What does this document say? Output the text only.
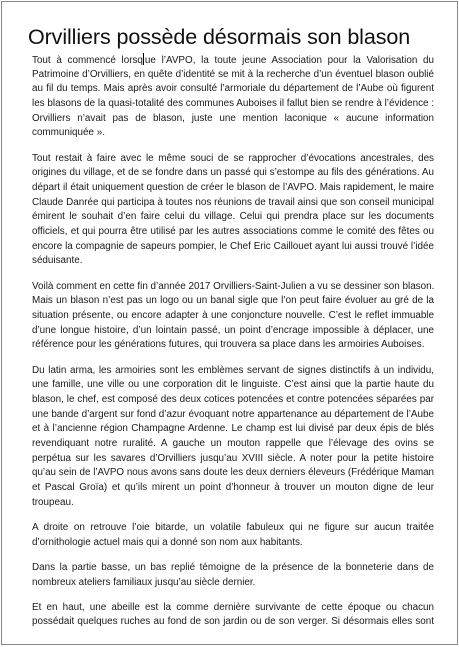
Orvilliers possède désormais son blason
Tout à commencé lorsq ue l’AVPO, la toute jeune Association pour la Valorisation du
Patrimoine d’Orvilliers, en quête d’identité se mit à la recherche d’un éventuel blason oublié
au fil du temps. Mais après avoir consulté l’armoriale du département de l’Aube où figurent
les blasons de la quasi-totalité des communes Auboises il fallut bien se rendre à l’évidence :
Orvilliers n’avait pas de blason, juste une mention laconique « aucune information
communiquée ».
Tout restait à faire avec le même souci de se rapprocher d’évocations ancestrales, des
origines du village, et de se fondre dans un passé qui s’estompe au fils des générations. Au
départ il était uniquement question de créer le blason de l’AVPO. Mais rapidement, le maire
Claude Danrée qui participa à toutes nos réunions de travail ainsi que son conseil municipal
émirent le souhait d’en faire celui du village. Celui qui prendra place sur les documents
officiels, et qui pourra être utilisé par les autres associations comme le comité des fêtes ou
encore la compagnie de sapeurs pompier, le Chef Eric Caillouet ayant lui aussi trouvé l’idée
séduisante.
Voilà comment en cette fin d’année 2017 Orvilliers-Saint-Julien a vu se dessiner son blason.
Mais un blason n’est pas un logo ou un banal sigle que l’on peut faire évoluer au gré de la
situation présente, ou encore adapter à une conjoncture nouvelle. C’est le reflet immuable
d’une longue histoire, d’un lointain passé, un point d’encrage impossible à déplacer, une
référence pour les générations futures, qui trouvera sa place dans les armoiries Auboises.
Du latin arma, les armoiries sont les emblèmes servant de signes distinctifs à un individu,
une famille, une ville ou une corporation dit le linguiste. C’est ainsi que la partie haute du
blason, le chef, est composé des deux cotices potencées et contre potencées séparées par
une bande d’argent sur fond d’azur évoquant notre appartenance au département de l’Aube
et à l’ancienne région Champagne Ardenne. Le champ est lui divisé par deux épis de blés
revendiquant notre ruralité. A gauche un mouton rappelle que l’élevage des ovins se
perpétua sur les savares d’Orvilliers jusqu’au XVIII siècle. A noter pour la petite histoire
qu’au sein de l’AVPO nous avons sans doute les deux derniers éleveurs (Frédérique Maman
et Pascal Groïa) et qu’ils mirent un point d’honneur à trouver un mouton digne de leur
troupeau.
A droite on retrouve l’oie bitarde, un volatile fabuleux qui ne figure sur aucun traitée
d’ornithologie actuel mais qui a donné son nom aux habitants.
Dans la partie basse, un bas replié témoigne de la présence de la bonneterie dans de
nombreux ateliers familiaux jusqu’au siècle dernier.
Et en haut, une abeille est la comme dernière survivante de cette époque ou chacun
possédait quelques ruches au fond de son jardin ou de son verger. Si désormais elles sont
